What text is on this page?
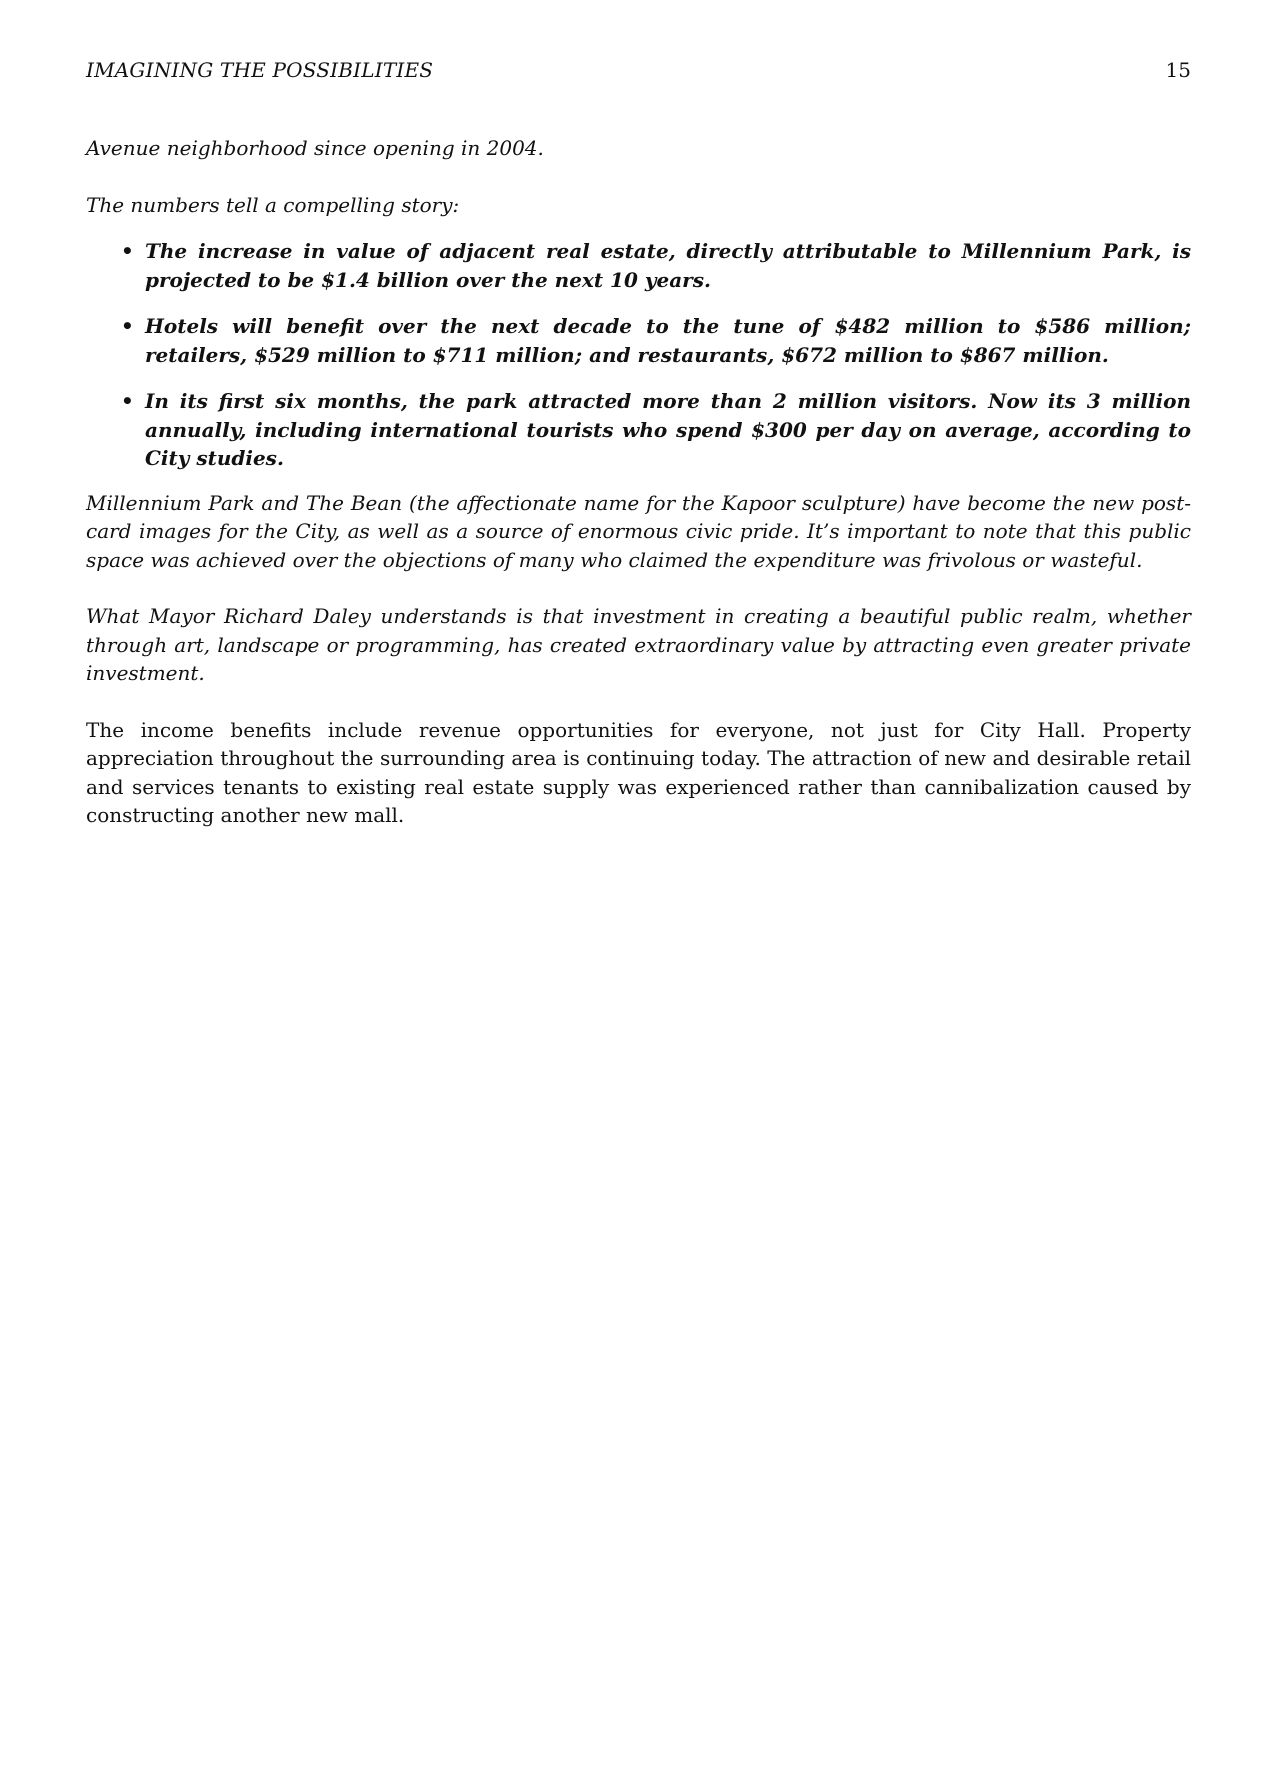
IMAGINING THE POSSIBILITIES	15

Avenue neighborhood since opening in 2004.

The numbers tell a compelling story:

• The increase in value of adjacent real estate, directly attributable to Millennium Park, is projected to be $1.4 billion over the next 10 years.
• Hotels will benefit over the next decade to the tune of $482 million to $586 million; retailers, $529 million to $711 million; and restaurants, $672 million to $867 million.
• In its first six months, the park attracted more than 2 million visitors. Now its 3 million annually, including international tourists who spend $300 per day on average, according to City studies.

Millennium Park and The Bean (the affectionate name for the Kapoor sculpture) have become the new post-card images for the City, as well as a source of enormous civic pride. It’s important to note that this public space was achieved over the objections of many who claimed the expenditure was frivolous or wasteful.

What Mayor Richard Daley understands is that investment in creating a beautiful public realm, whether through art, landscape or programming, has created extraordinary value by attracting even greater private investment.

The income benefits include revenue opportunities for everyone, not just for City Hall. Property appreciation throughout the surrounding area is continuing today. The attraction of new and desirable retail and services tenants to existing real estate supply was experienced rather than cannibalization caused by constructing another new mall.
